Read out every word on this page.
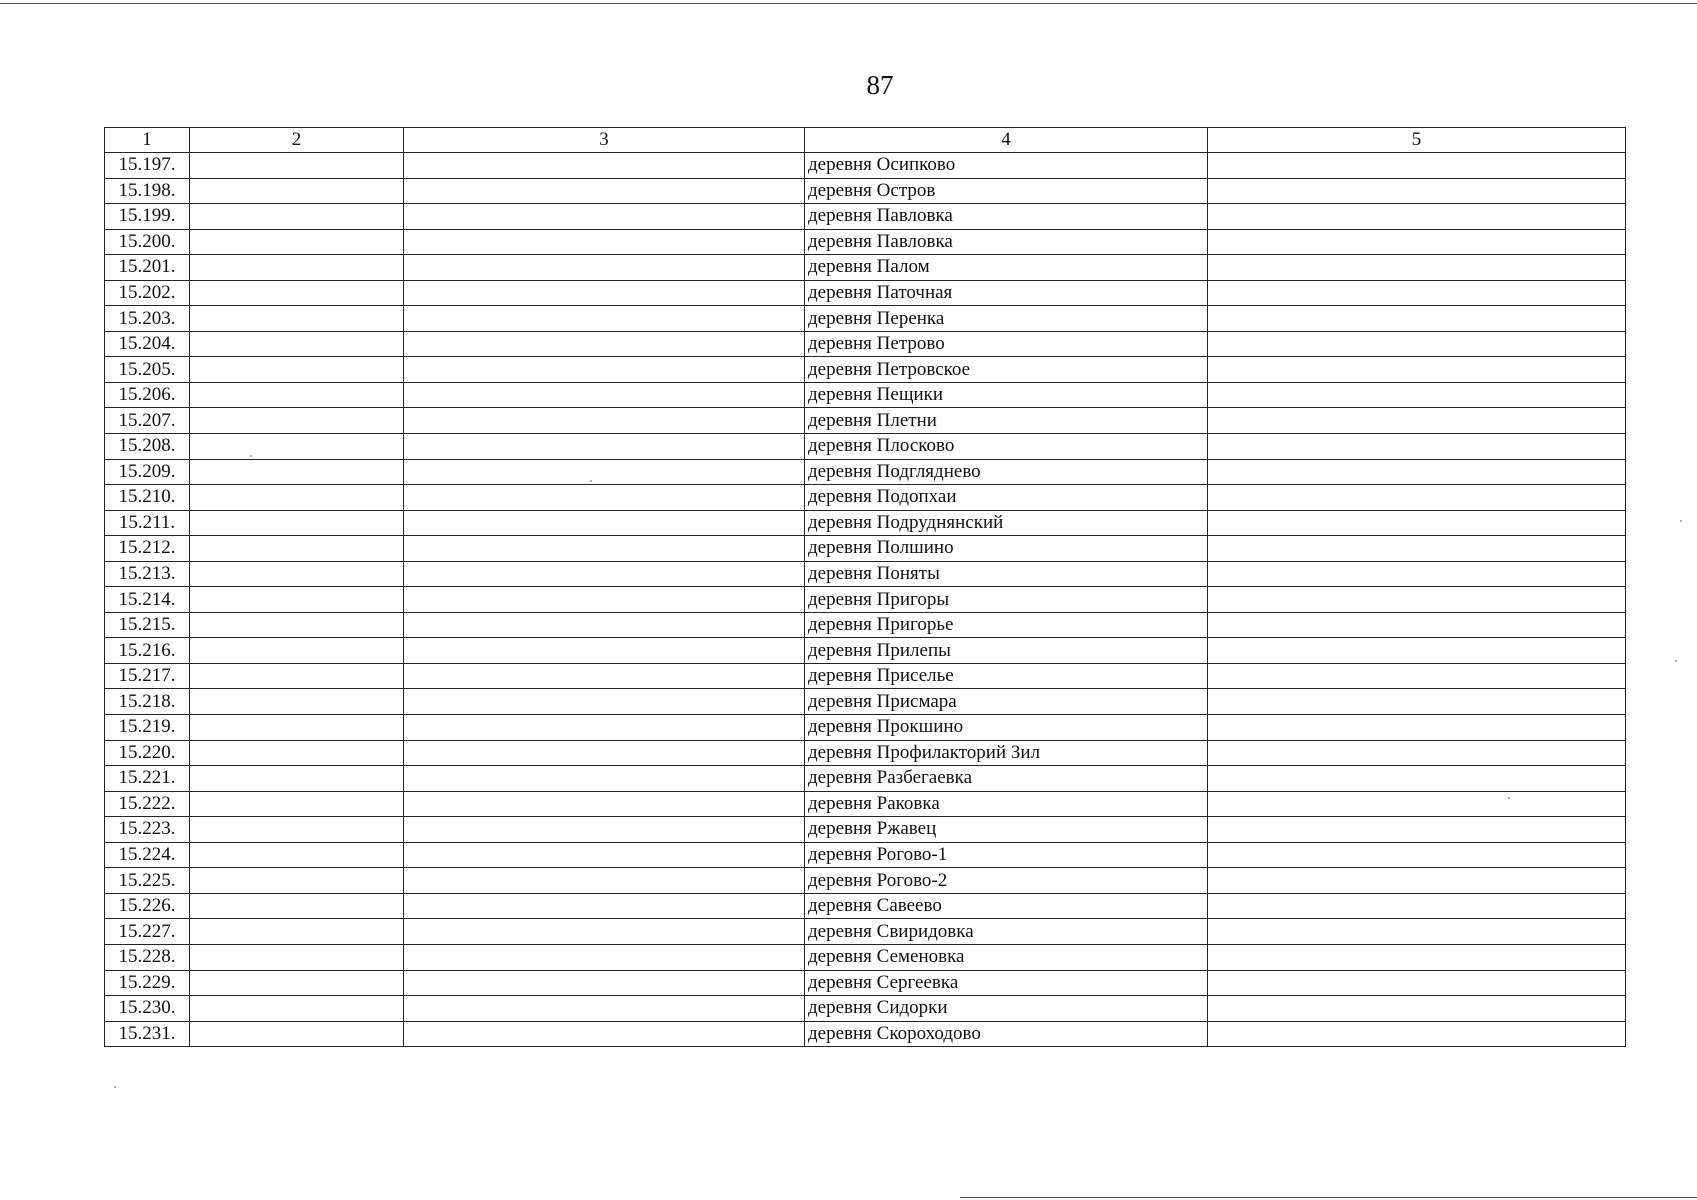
87
1	2	3	4	5
15.197.			деревня Осипково	
15.198.			деревня Остров	
15.199.			деревня Павловка	
15.200.			деревня Павловка	
15.201.			деревня Палом	
15.202.			деревня Паточная	
15.203.			деревня Перенка	
15.204.			деревня Петрово	
15.205.			деревня Петровское	
15.206.			деревня Пещики	
15.207.			деревня Плетни	
15.208.			деревня Плосково	
15.209.			деревня Подгляднево	
15.210.			деревня Подопхаи	
15.211.			деревня Подруднянский	
15.212.			деревня Полшино	
15.213.			деревня Поняты	
15.214.			деревня Пригоры	
15.215.			деревня Пригорье	
15.216.			деревня Прилепы	
15.217.			деревня Приселье	
15.218.			деревня Присмара	
15.219.			деревня Прокшино	
15.220.			деревня Профилакторий Зил	
15.221.			деревня Разбегаевка	
15.222.			деревня Раковка	
15.223.			деревня Ржавец	
15.224.			деревня Рогово-1	
15.225.			деревня Рогово-2	
15.226.			деревня Савеево	
15.227.			деревня Свиридовка	
15.228.			деревня Семеновка	
15.229.			деревня Сергеевка	
15.230.			деревня Сидорки	
15.231.			деревня Скороходово	
